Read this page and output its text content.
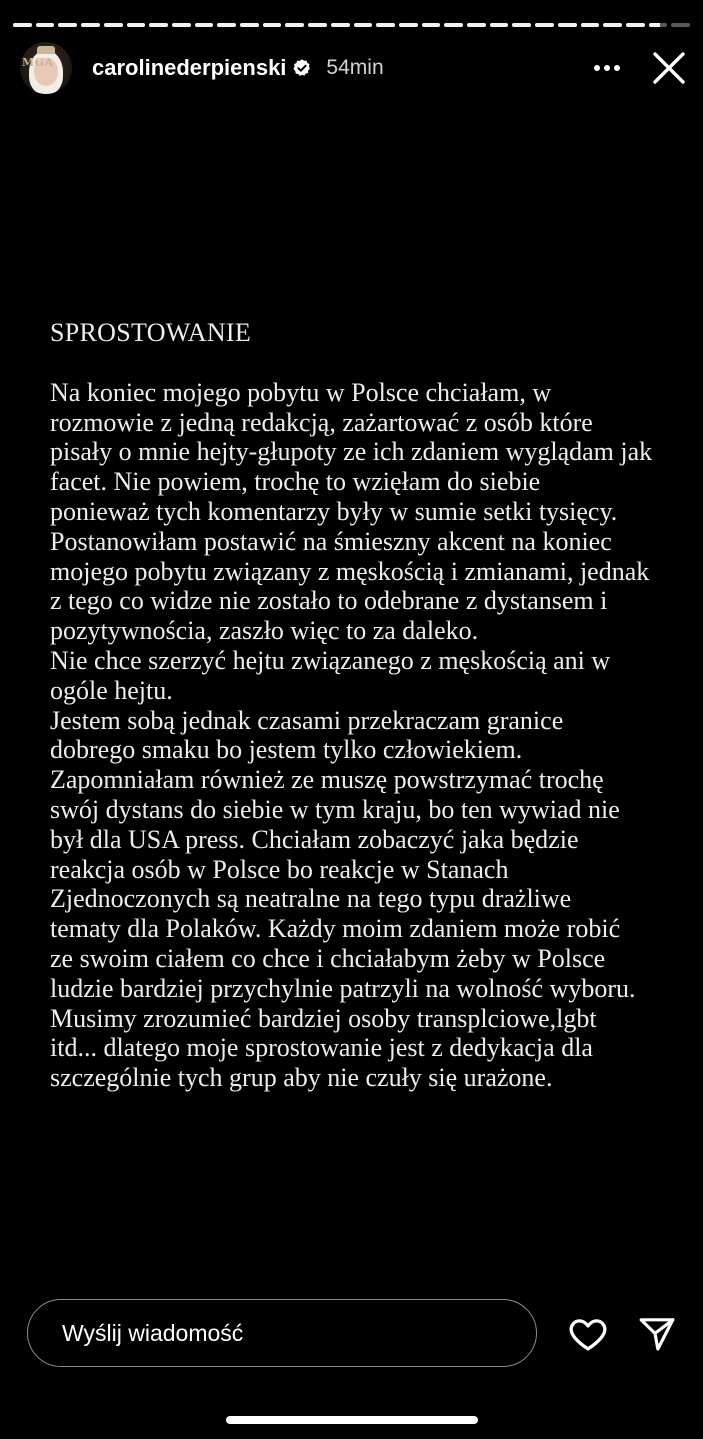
MGA carolinederpienski 54min

SPROSTOWANIE

Na koniec mojego pobytu w Polsce chciałam, w
rozmowie z jedną redakcją, zażartować z osób które
pisały o mnie hejty-głupoty ze ich zdaniem wyglądam jak
facet. Nie powiem, trochę to wzięłam do siebie
ponieważ tych komentarzy były w sumie setki tysięcy.
Postanowiłam postawić na śmieszny akcent na koniec
mojego pobytu związany z męskością i zmianami, jednak
z tego co widze nie zostało to odebrane z dystansem i
pozytywnościa, zaszło więc to za daleko.
Nie chce szerzyć hejtu związanego z męskością ani w
ogóle hejtu.
Jestem sobą jednak czasami przekraczam granice
dobrego smaku bo jestem tylko człowiekiem.
Zapomniałam również ze muszę powstrzymać trochę
swój dystans do siebie w tym kraju, bo ten wywiad nie
był dla USA press. Chciałam zobaczyć jaka będzie
reakcja osób w Polsce bo reakcje w Stanach
Zjednoczonych są neatralne na tego typu drażliwe
tematy dla Polaków. Każdy moim zdaniem może robić
ze swoim ciałem co chce i chciałabym żeby w Polsce
ludzie bardziej przychylnie patrzyli na wolność wyboru.
Musimy zrozumieć bardziej osoby transplciowe,lgbt
itd... dlatego moje sprostowanie jest z dedykacja dla
szczególnie tych grup aby nie czuły się urażone.

Wyślij wiadomość
